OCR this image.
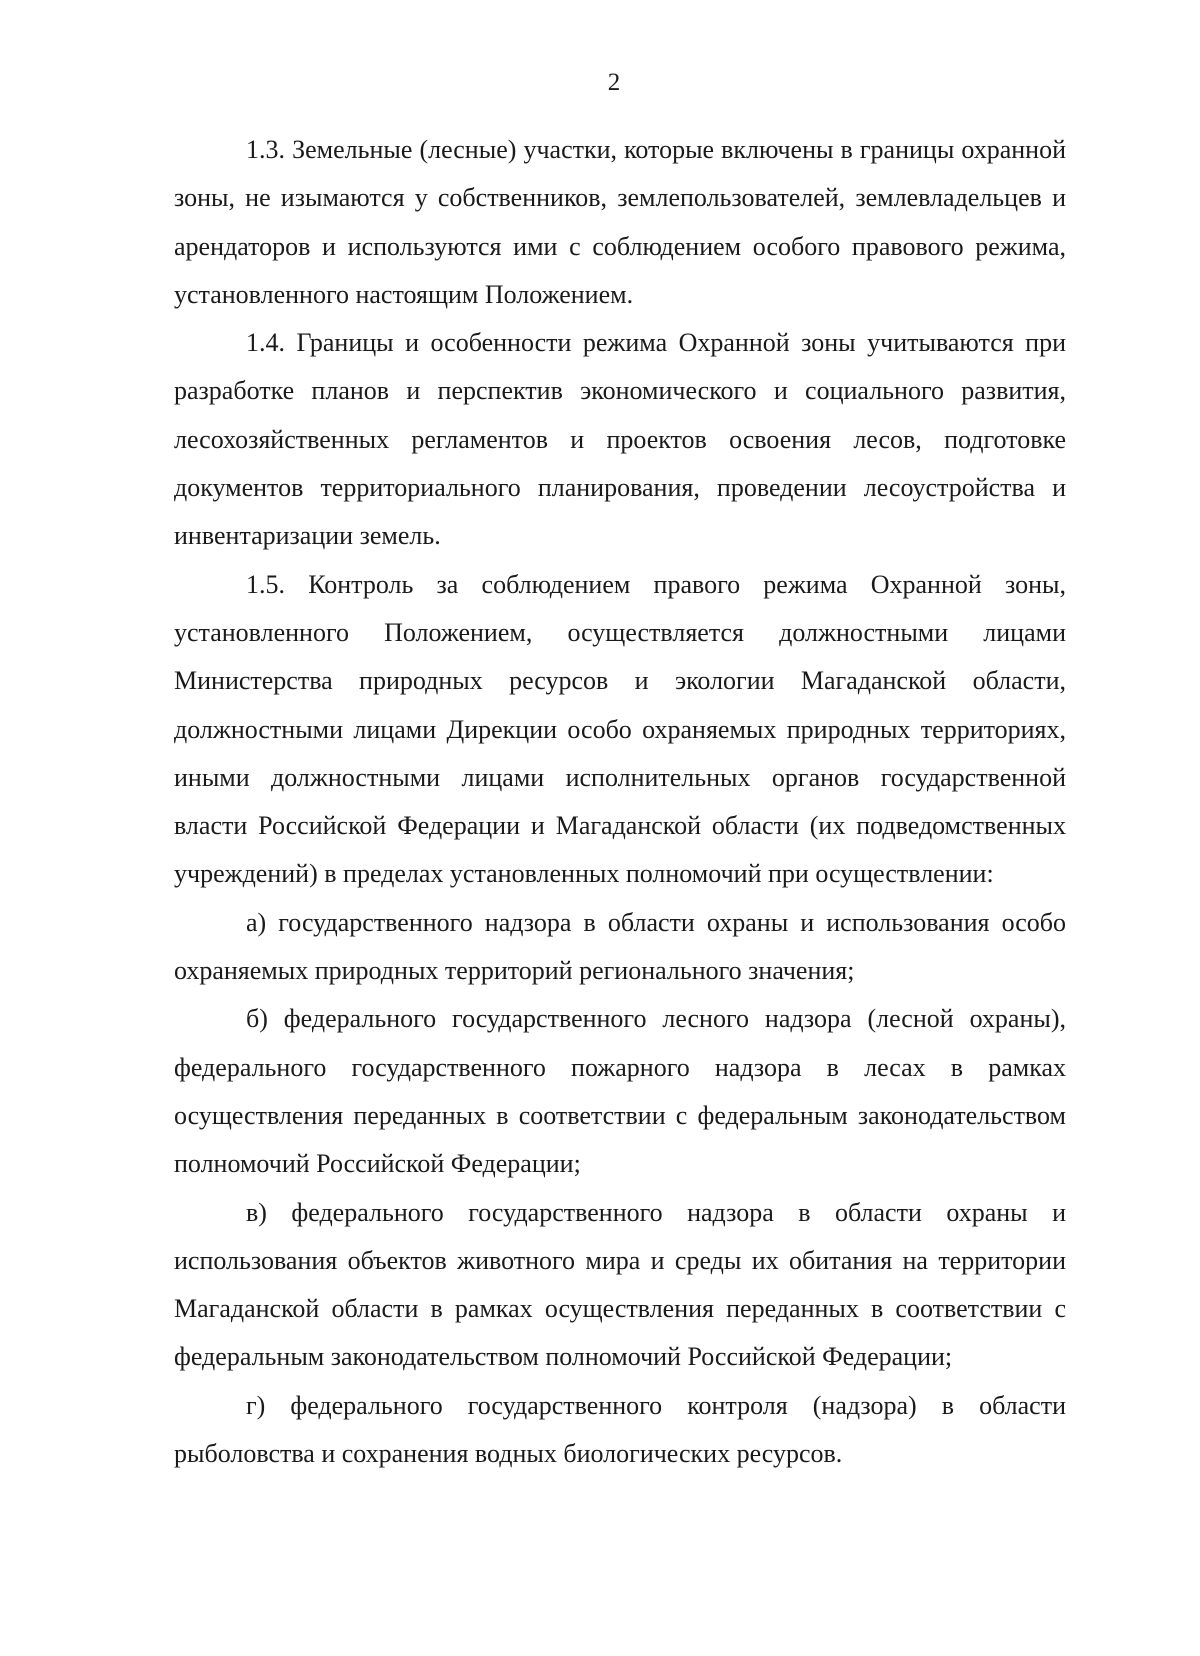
2

1.3. Земельные (лесные) участки, которые включены в границы охранной зоны, не изымаются у собственников, землепользователей, землевладельцев и арендаторов и используются ими с соблюдением особого правового режима, установленного настоящим Положением.

1.4. Границы и особенности режима Охранной зоны учитываются при разработке планов и перспектив экономического и социального развития, лесохозяйственных регламентов и проектов освоения лесов, подготовке документов территориального планирования, проведении лесоустройства и инвентаризации земель.

1.5. Контроль за соблюдением правого режима Охранной зоны, установленного Положением, осуществляется должностными лицами Министерства природных ресурсов и экологии Магаданской области, должностными лицами Дирекции особо охраняемых природных территориях, иными должностными лицами исполнительных органов государственной власти Российской Федерации и Магаданской области (их подведомственных учреждений) в пределах установленных полномочий при осуществлении:

а) государственного надзора в области охраны и использования особо охраняемых природных территорий регионального значения;

б) федерального государственного лесного надзора (лесной охраны), федерального государственного пожарного надзора в лесах в рамках осуществления переданных в соответствии с федеральным законодательством полномочий Российской Федерации;

в) федерального государственного надзора в области охраны и использования объектов животного мира и среды их обитания на территории Магаданской области в рамках осуществления переданных в соответствии с федеральным законодательством полномочий Российской Федерации;

г) федерального государственного контроля (надзора) в области рыболовства и сохранения водных биологических ресурсов.
